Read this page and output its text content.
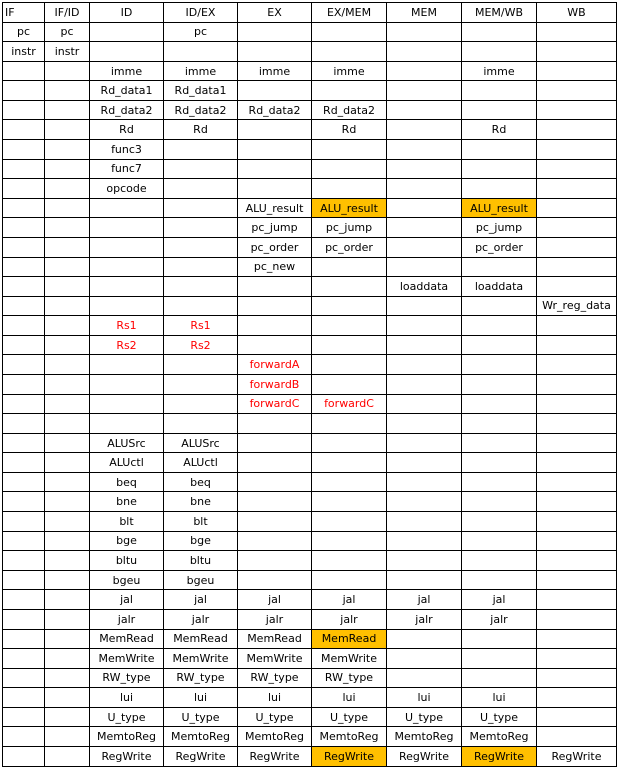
IF	IF/ID	ID	ID/EX	EX	EX/MEM	MEM	MEM/WB	WB
pc	pc		pc					
instr	instr							
		imme	imme	imme	imme		imme	
		Rd_data1	Rd_data1					
		Rd_data2	Rd_data2	Rd_data2	Rd_data2			
		Rd	Rd		Rd		Rd	
		func3						
		func7						
		opcode						
				ALU_result	ALU_result		ALU_result	
				pc_jump	pc_jump		pc_jump	
				pc_order	pc_order		pc_order	
				pc_new				
						loaddata	loaddata	
								Wr_reg_data
		Rs1	Rs1					
		Rs2	Rs2					
				forwardA				
				forwardB				
				forwardC	forwardC			

		ALUSrc	ALUSrc					
		ALUctl	ALUctl					
		beq	beq					
		bne	bne					
		blt	blt					
		bge	bge					
		bltu	bltu					
		bgeu	bgeu					
		jal	jal	jal	jal	jal	jal	
		jalr	jalr	jalr	jalr	jalr	jalr	
		MemRead	MemRead	MemRead	MemRead			
		MemWrite	MemWrite	MemWrite	MemWrite			
		RW_type	RW_type	RW_type	RW_type			
		lui	lui	lui	lui	lui	lui	
		U_type	U_type	U_type	U_type	U_type	U_type	
		MemtoReg	MemtoReg	MemtoReg	MemtoReg	MemtoReg	MemtoReg	
		RegWrite	RegWrite	RegWrite	RegWrite	RegWrite	RegWrite	RegWrite
